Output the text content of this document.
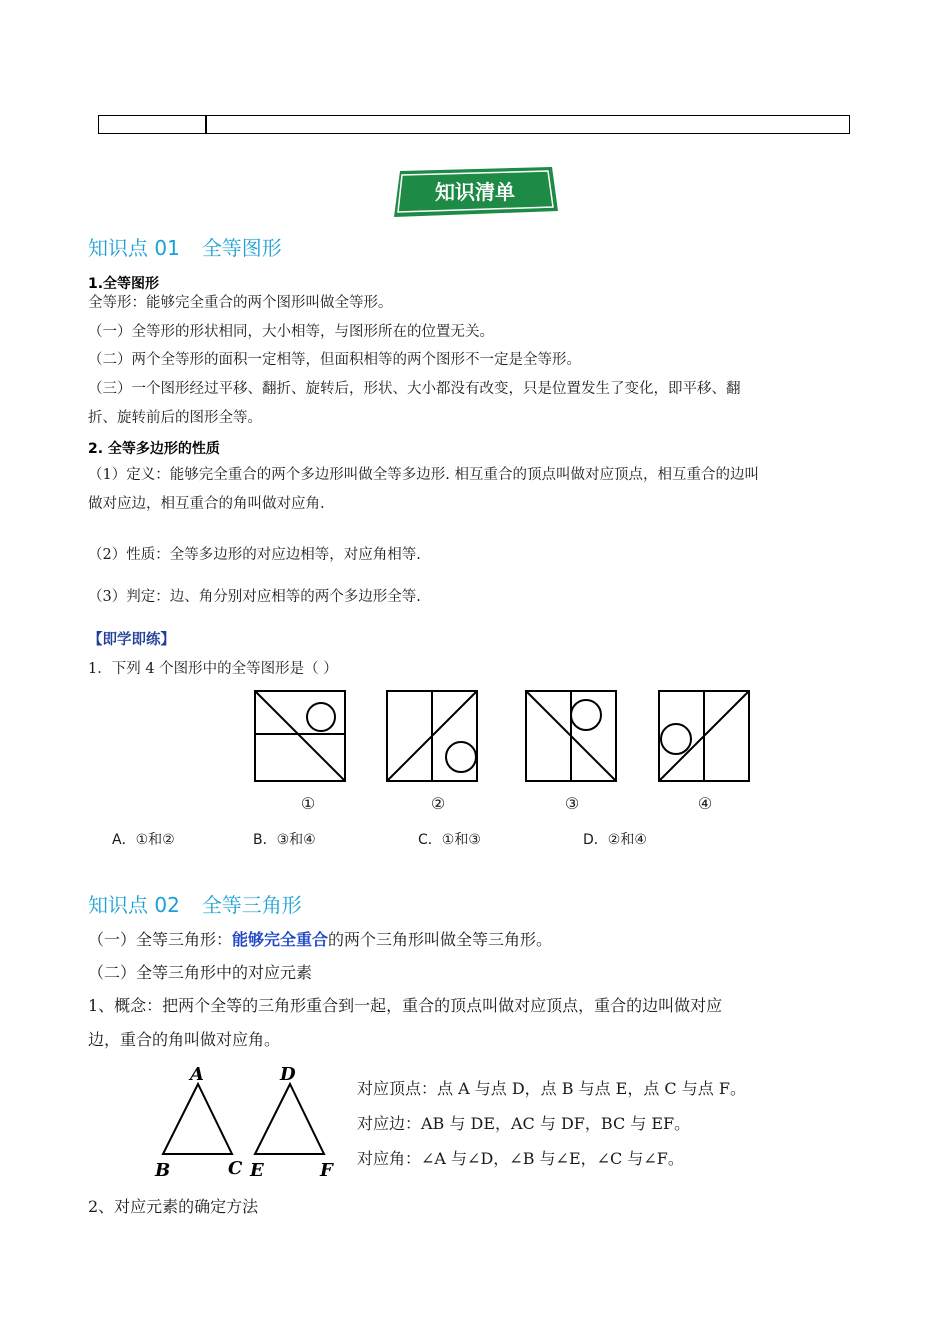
知识清单
知识点 01 全等图形
1.全等图形
全等形：能够完全重合的两个图形叫做全等形。
（一）全等形的形状相同，大小相等，与图形所在的位置无关。
（二）两个全等形的面积一定相等，但面积相等的两个图形不一定是全等形。
（三）一个图形经过平移、翻折、旋转后，形状、大小都没有改变，只是位置发生了变化，即平移、翻
折、旋转前后的图形全等。
2. 全等多边形的性质
（1）定义：能够完全重合的两个多边形叫做全等多边形. 相互重合的顶点叫做对应顶点，相互重合的边叫
做对应边，相互重合的角叫做对应角.
（2）性质：全等多边形的对应边相等，对应角相等.
（3）判定：边、角分别对应相等的两个多边形全等.
【即学即练】
1．下列 4 个图形中的全等图形是（ ）
①	②	③	④
A．①和②	B．③和④	C．①和③	D．②和④
知识点 02 全等三角形
（一）全等三角形：能够完全重合的两个三角形叫做全等三角形。
（二）全等三角形中的对应元素
1、概念：把两个全等的三角形重合到一起，重合的顶点叫做对应顶点，重合的边叫做对应
边，重合的角叫做对应角。
A
B	C
D
E	F
对应顶点：点 A 与点 D，点 B 与点 E，点 C 与点 F。
对应边：AB 与 DE，AC 与 DF，BC 与 EF。
对应角：∠A 与∠D，∠B 与∠E，∠C 与∠F。
2、对应元素的确定方法
